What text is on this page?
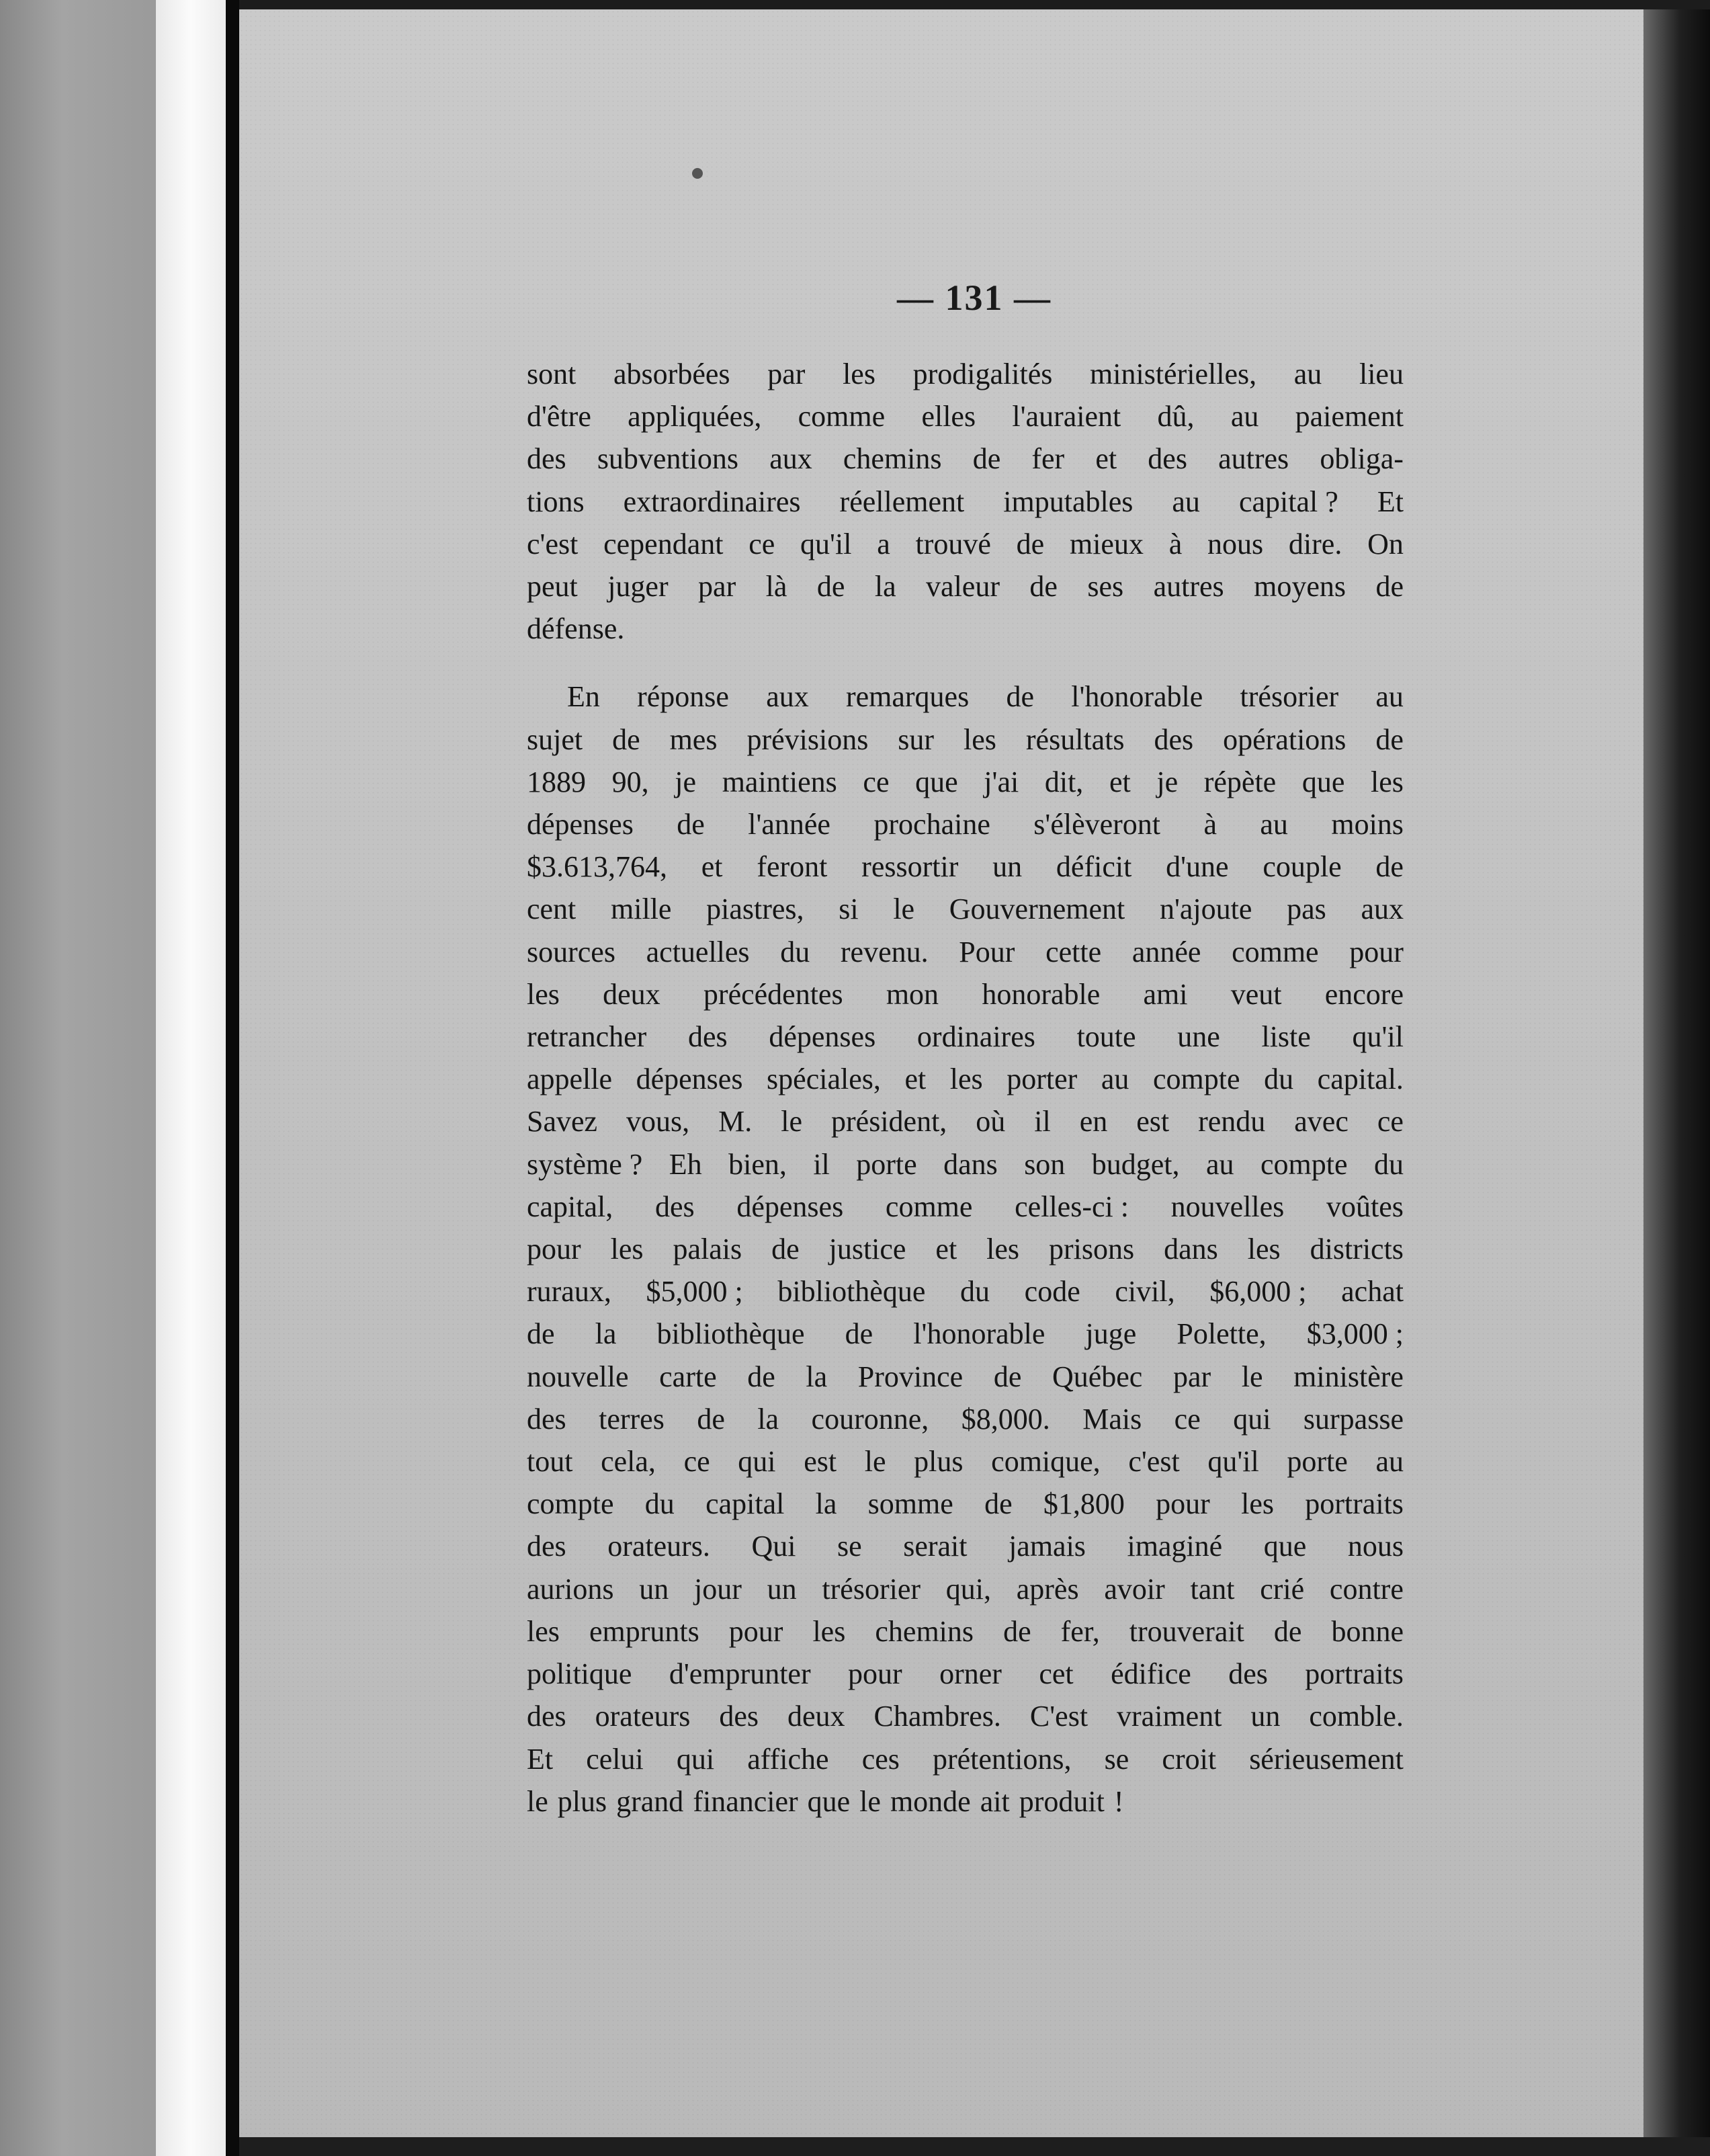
— 131 —
sont absorbées par les prodigalités ministérielles, au lieu
d'être appliquées, comme elles l'auraient dû, au paiement
des subventions aux chemins de fer et des autres obliga-
tions extraordinaires réellement imputables au capital ? Et
c'est cependant ce qu'il a trouvé de mieux à nous dire. On
peut juger par là de la valeur de ses autres moyens de
défense.
En réponse aux remarques de l'honorable trésorier au
sujet de mes prévisions sur les résultats des opérations de
1889 90, je maintiens ce que j'ai dit, et je répète que les
dépenses de l'année prochaine s'élèveront à au moins
$3.613,764, et feront ressortir un déficit d'une couple de
cent mille piastres, si le Gouvernement n'ajoute pas aux
sources actuelles du revenu. Pour cette année comme pour
les deux précédentes mon honorable ami veut encore
retrancher des dépenses ordinaires toute une liste qu'il
appelle dépenses spéciales, et les porter au compte du capital.
Savez vous, M. le président, où il en est rendu avec ce
système ? Eh bien, il porte dans son budget, au compte du
capital, des dépenses comme celles-ci : nouvelles voûtes
pour les palais de justice et les prisons dans les districts
ruraux, $5,000 ; bibliothèque du code civil, $6,000 ; achat
de la bibliothèque de l'honorable juge Polette, $3,000 ;
nouvelle carte de la Province de Québec par le ministère
des terres de la couronne, $8,000. Mais ce qui surpasse
tout cela, ce qui est le plus comique, c'est qu'il porte au
compte du capital la somme de $1,800 pour les portraits
des orateurs. Qui se serait jamais imaginé que nous
aurions un jour un trésorier qui, après avoir tant crié contre
les emprunts pour les chemins de fer, trouverait de bonne
politique d'emprunter pour orner cet édifice des portraits
des orateurs des deux Chambres. C'est vraiment un comble.
Et celui qui affiche ces prétentions, se croit sérieusement
le plus grand financier que le monde ait produit !
